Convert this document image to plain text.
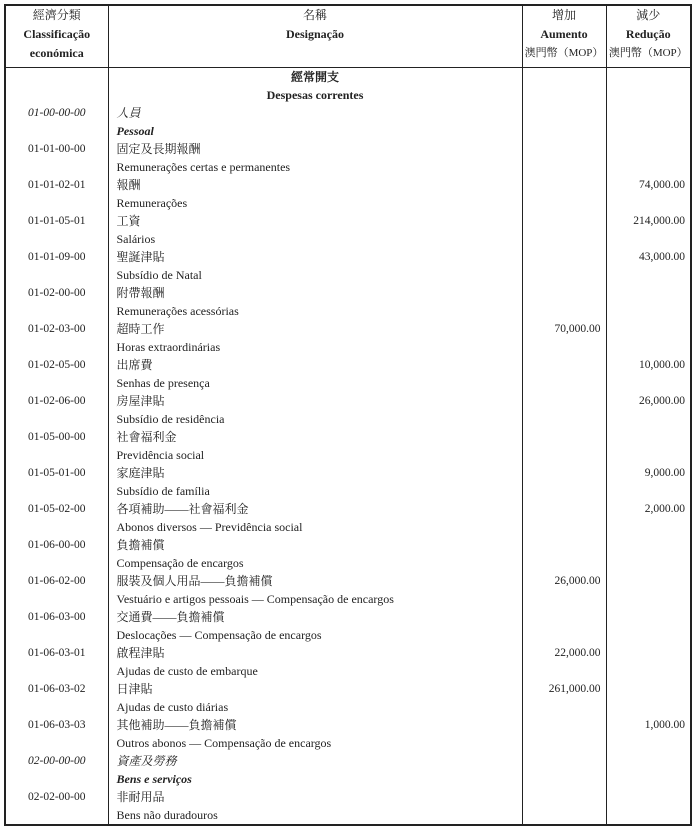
經濟分類
Classificação
económica

名稱
Designação

增加
Aumento
澳門幣（MOP）

減少
Redução
澳門幣（MOP）

	經常開支
Despesas correntes		

01-00-00-00	人員
Pessoal		

01-01-00-00	固定及長期報酬
Remunerações certas e permanentes		

01-01-02-01	報酬
Remunerações		74,000.00

01-01-05-01	工資
Salários		214,000.00

01-01-09-00	聖誕津貼
Subsídio de Natal		43,000.00

01-02-00-00	附帶報酬
Remunerações acessórias		

01-02-03-00	超時工作
Horas extraordinárias	70,000.00	

01-02-05-00	出席費
Senhas de presença		10,000.00

01-02-06-00	房屋津貼
Subsídio de residência		26,000.00

01-05-00-00	社會福利金
Previdência social		

01-05-01-00	家庭津貼
Subsídio de família		9,000.00

01-05-02-00	各項補助——社會福利金
Abonos diversos — Previdência social		2,000.00

01-06-00-00	負擔補償
Compensação de encargos		

01-06-02-00	服裝及個人用品——負擔補償
Vestuário e artigos pessoais — Compensação de encargos	26,000.00	

01-06-03-00	交通費——負擔補償
Deslocações — Compensação de encargos		

01-06-03-01	啟程津貼
Ajudas de custo de embarque	22,000.00	

01-06-03-02	日津貼
Ajudas de custo diárias	261,000.00	

01-06-03-03	其他補助——負擔補償
Outros abonos — Compensação de encargos		1,000.00

02-00-00-00	資產及勞務
Bens e serviços		

02-02-00-00	非耐用品
Bens não duradouros		
